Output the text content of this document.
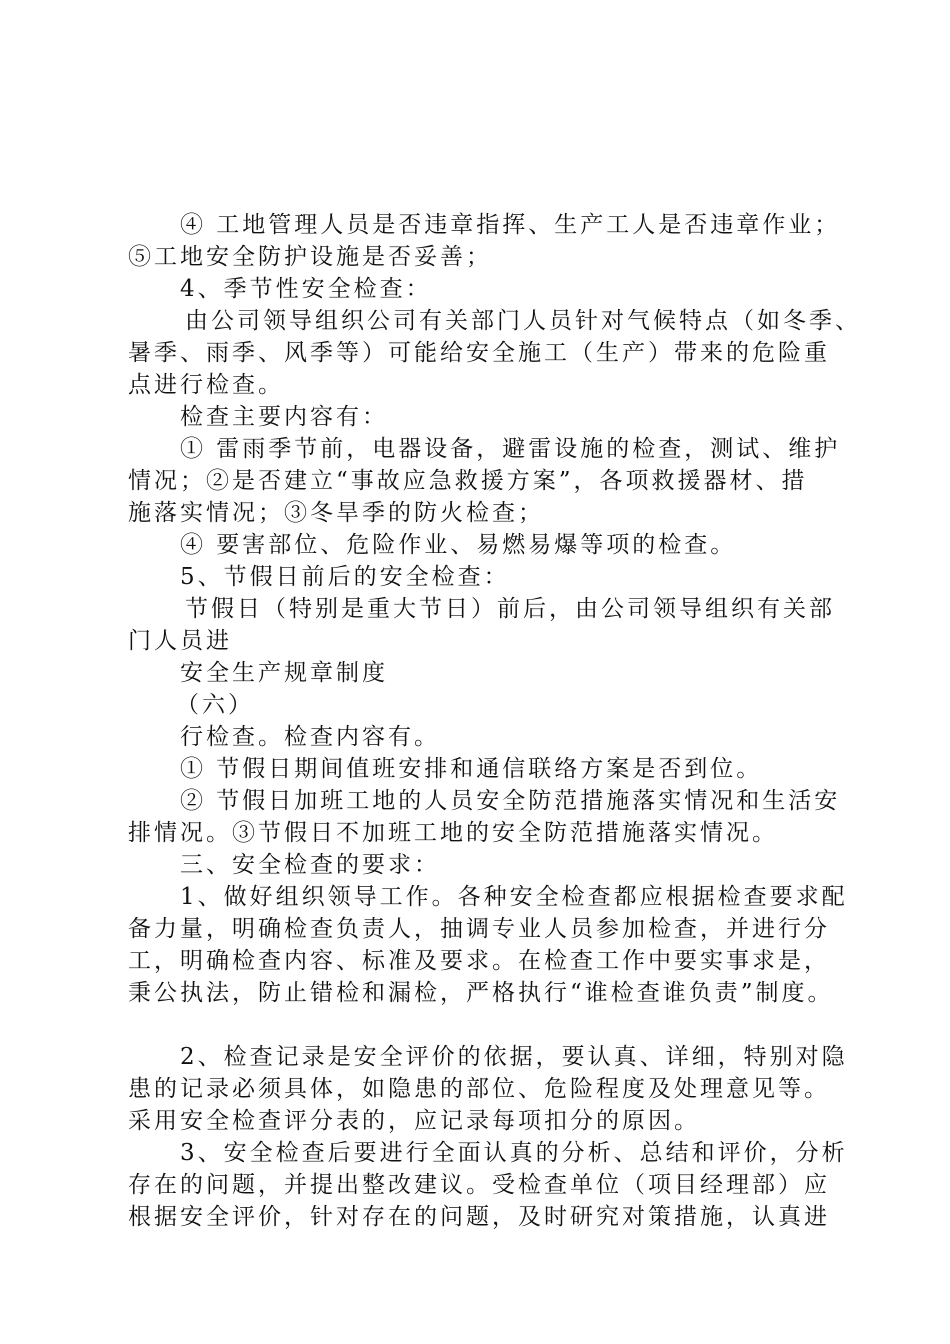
④ 工地管理人员是否违章指挥、生产工人是否违章作业；
⑤工地安全防护设施是否妥善；
4、季节性安全检查：
由公司领导组织公司有关部门人员针对气候特点（如冬季、
暑季、雨季、风季等）可能给安全施工（生产）带来的危险重
点进行检查。
检查主要内容有：
① 雷雨季节前，电器设备，避雷设施的检查，测试、维护
情况；②是否建立“事故应急救援方案”，各项救援器材、措
施落实情况；③冬旱季的防火检查；
④ 要害部位、危险作业、易燃易爆等项的检查。
5、节假日前后的安全检查：
节假日（特别是重大节日）前后，由公司领导组织有关部
门人员进
安全生产规章制度
（六）
行检查。检查内容有。
① 节假日期间值班安排和通信联络方案是否到位。
② 节假日加班工地的人员安全防范措施落实情况和生活安
排情况。③节假日不加班工地的安全防范措施落实情况。
三、安全检查的要求：
1、做好组织领导工作。各种安全检查都应根据检查要求配
备力量，明确检查负责人，抽调专业人员参加检查，并进行分
工，明确检查内容、标准及要求。在检查工作中要实事求是，
秉公执法，防止错检和漏检，严格执行“谁检查谁负责”制度。
2、检查记录是安全评价的依据，要认真、详细，特别对隐
患的记录必须具体，如隐患的部位、危险程度及处理意见等。
采用安全检查评分表的，应记录每项扣分的原因。
3、安全检查后要进行全面认真的分析、总结和评价，分析
存在的问题，并提出整改建议。受检查单位（项目经理部）应
根据安全评价，针对存在的问题，及时研究对策措施，认真进
